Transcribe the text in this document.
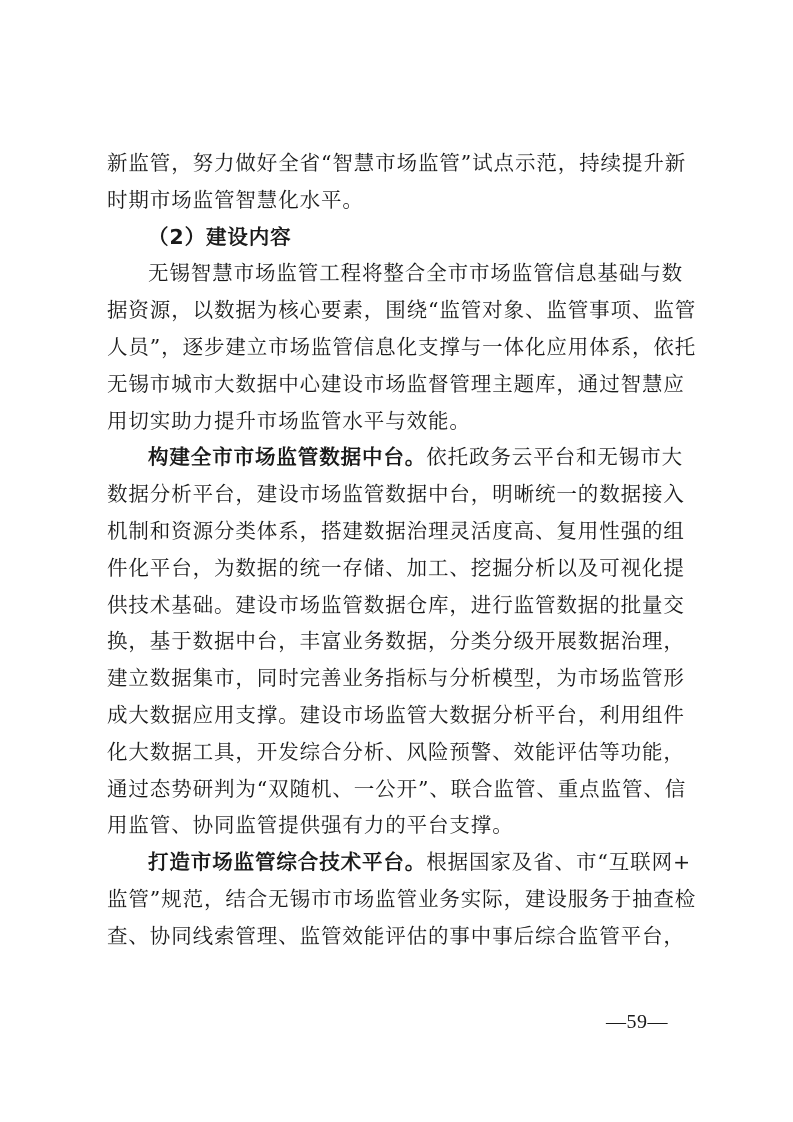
新监管，努力做好全省“智慧市场监管”试点示范，持续提升新
时期市场监管智慧化水平。

（2）建设内容

无锡智慧市场监管工程将整合全市市场监管信息基础与数
据资源，以数据为核心要素，围绕“监管对象、监管事项、监管
人员”，逐步建立市场监管信息化支撑与一体化应用体系，依托
无锡市城市大数据中心建设市场监督管理主题库，通过智慧应
用切实助力提升市场监管水平与效能。

构建全市市场监管数据中台。依托政务云平台和无锡市大
数据分析平台，建设市场监管数据中台，明晰统一的数据接入
机制和资源分类体系，搭建数据治理灵活度高、复用性强的组
件化平台，为数据的统一存储、加工、挖掘分析以及可视化提
供技术基础。建设市场监管数据仓库，进行监管数据的批量交
换，基于数据中台，丰富业务数据，分类分级开展数据治理，
建立数据集市，同时完善业务指标与分析模型，为市场监管形
成大数据应用支撑。建设市场监管大数据分析平台，利用组件
化大数据工具，开发综合分析、风险预警、效能评估等功能，
通过态势研判为“双随机、一公开”、联合监管、重点监管、信
用监管、协同监管提供强有力的平台支撑。

打造市场监管综合技术平台。根据国家及省、市“互联网+
监管”规范，结合无锡市市场监管业务实际，建设服务于抽查检
查、协同线索管理、监管效能评估的事中事后综合监管平台，

—59—
